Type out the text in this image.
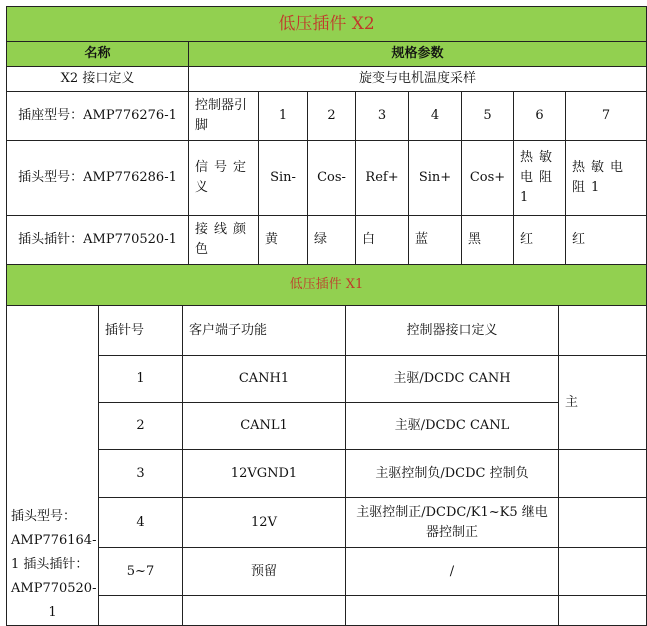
低压插件 X2								
名称	规格参数							
X2 接口定义	旋变与电机温度采样							
插座型号：AMP776276-1	控制器引脚	1	2	3	4	5	6	7
插头型号：AMP776286-1	信号定义	Sin-	Cos-	Ref+	Sin+	Cos+	热敏电阻1	热敏电阻1
插头插针：AMP770520-1	接线颜色	黄	绿	白	蓝	黑	红	红
低压插件 X1				

插头型号：
AMP776164-
1 插头插针：
AMP770520-
1	插针号	客户端子功能	控制器接口定义	
	1	CANH1	主驱/DCDC CANH	主
	2	CANL1	主驱/DCDC CANL	
	3	12VGND1	主驱控制负/DCDC 控制负	
	4	12V	主驱控制正/DCDC/K1~K5 继电器控制正	
	5~7	预留	/	
